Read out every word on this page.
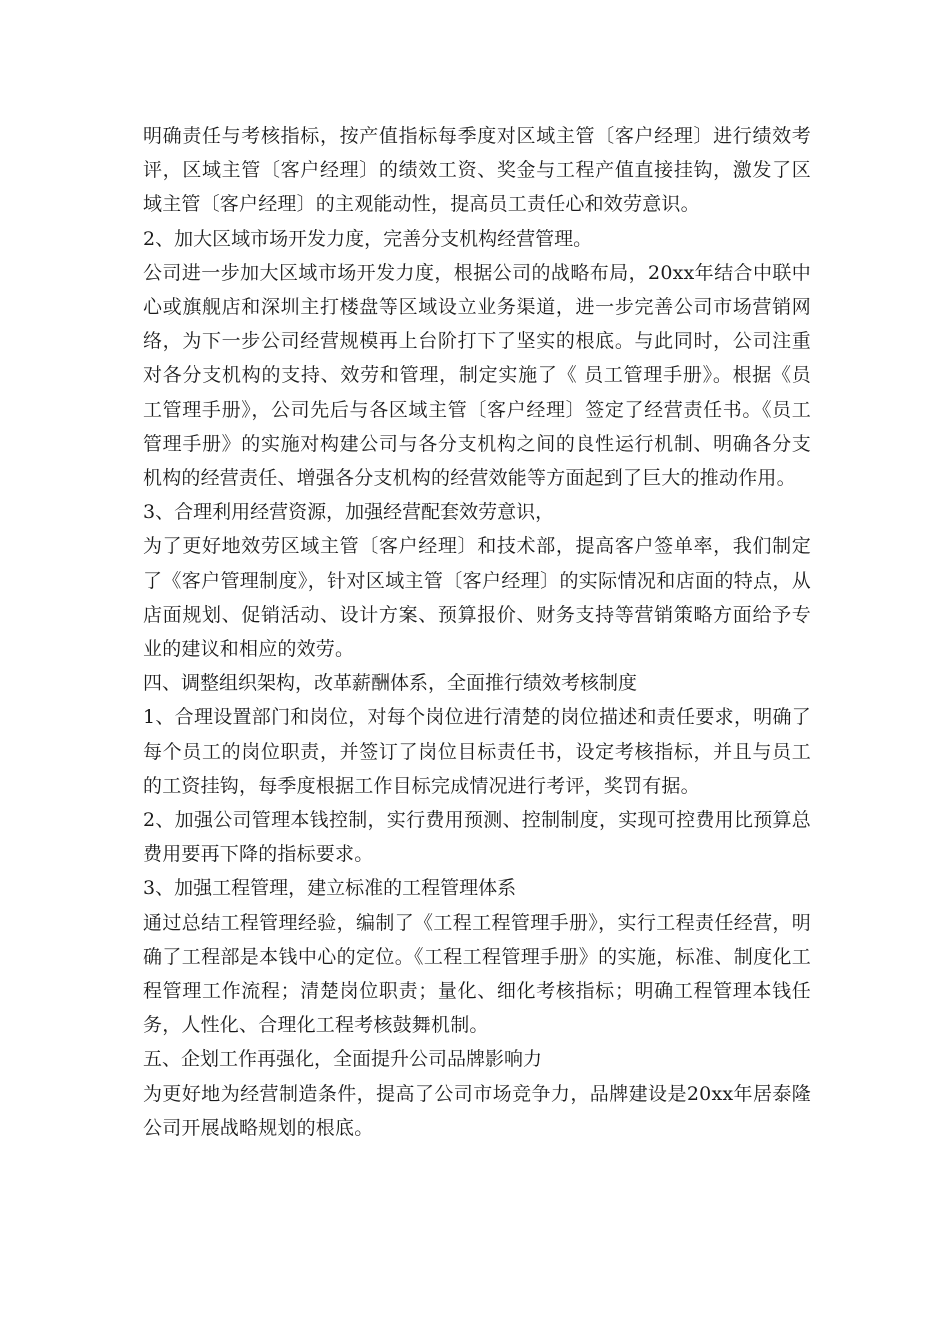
明确责任与考核指标，按产值指标每季度对区域主管〔客户经理〕进行绩效考评，区域主管〔客户经理〕的绩效工资、奖金与工程产值直接挂钩，激发了区域主管〔客户经理〕的主观能动性，提高员工责任心和效劳意识。

2、加大区域市场开发力度，完善分支机构经营管理。

公司进一步加大区域市场开发力度，根据公司的战略布局，20xx年结合中联中心或旗舰店和深圳主打楼盘等区域设立业务渠道，进一步完善公司市场营销网络，为下一步公司经营规模再上台阶打下了坚实的根底。与此同时，公司注重对各分支机构的支持、效劳和管理，制定实施了《 员工管理手册》。根据《员工管理手册》，公司先后与各区域主管〔客户经理〕签定了经营责任书。《员工管理手册》的实施对构建公司与各分支机构之间的良性运行机制、明确各分支机构的经营责任、增强各分支机构的经营效能等方面起到了巨大的推动作用。

3、合理利用经营资源，加强经营配套效劳意识，

为了更好地效劳区域主管〔客户经理〕和技术部，提高客户签单率，我们制定了《客户管理制度》，针对区域主管〔客户经理〕的实际情况和店面的特点，从店面规划、促销活动、设计方案、预算报价、财务支持等营销策略方面给予专业的建议和相应的效劳。

四、调整组织架构，改革薪酬体系，全面推行绩效考核制度

1、合理设置部门和岗位，对每个岗位进行清楚的岗位描述和责任要求，明确了每个员工的岗位职责，并签订了岗位目标责任书，设定考核指标，并且与员工的工资挂钩，每季度根据工作目标完成情况进行考评，奖罚有据。

2、加强公司管理本钱控制，实行费用预测、控制制度，实现可控费用比预算总费用要再下降的指标要求。

3、加强工程管理，建立标准的工程管理体系

通过总结工程管理经验，编制了《工程工程管理手册》，实行工程责任经营，明确了工程部是本钱中心的定位。《工程工程管理手册》的实施，标准、制度化工程管理工作流程；清楚岗位职责；量化、细化考核指标；明确工程管理本钱任务，人性化、合理化工程考核鼓舞机制。

五、企划工作再强化，全面提升公司品牌影响力

为更好地为经营制造条件，提高了公司市场竞争力，品牌建设是20xx年居泰隆公司开展战略规划的根底。
